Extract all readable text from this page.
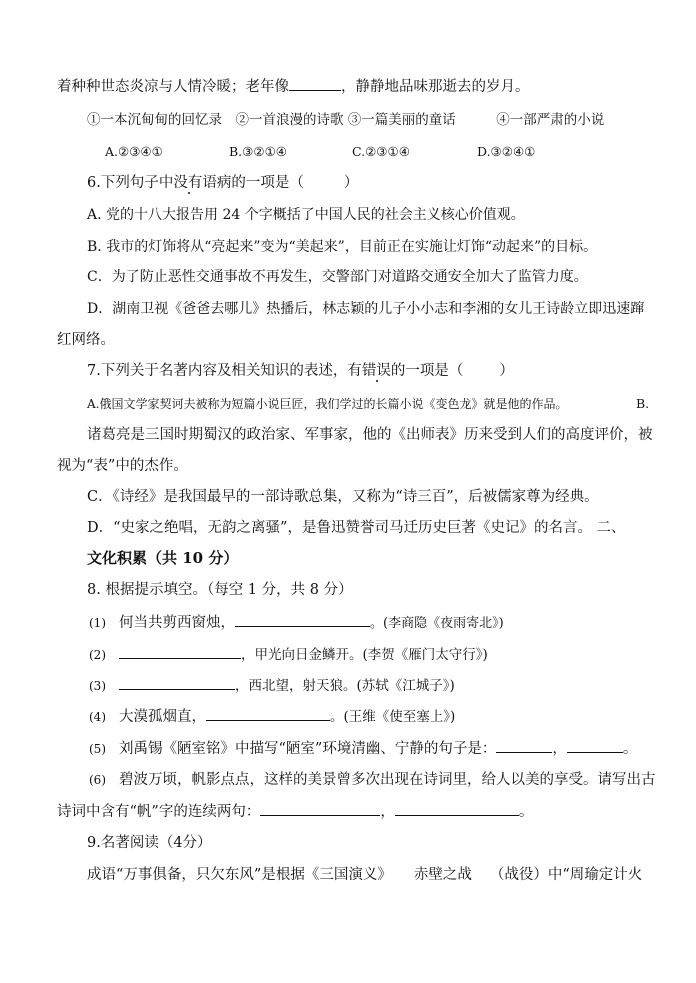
着种种世态炎凉与人情冷暖；老年像	，静静地品味那逝去的岁月。
①一本沉甸甸的回忆录　②一首浪漫的诗歌 ③一篇美丽的童话　　　④一部严肃的小说
A.②③④①	B.③②①④	C.②③①④	D.③②④①
6.下列句子中没有语病的一项是（	）
A. 党的十八大报告用 24 个字概括了中国人民的社会主义核心价值观。
B. 我市的灯饰将从“亮起来”变为“美起来”，目前正在实施让灯饰“动起来”的目标。
C．为了防止恶性交通事故不再发生，交警部门对道路交通安全加大了监管力度。
D．湖南卫视《爸爸去哪儿》热播后，林志颖的儿子小小志和李湘的女儿王诗龄立即迅速蹿
红网络。
7.下列关于名著内容及相关知识的表述，有错误的一项是（ ）
A.俄国文学家契诃夫被称为短篇小说巨匠，我们学过的长篇小说《变色龙》就是他的作品。	B.
诸葛亮是三国时期蜀汉的政治家、军事家，他的《出师表》历来受到人们的高度评价，被
视为“表”中的杰作。
C．《诗经》是我国最早的一部诗歌总集，又称为“诗三百”，后被儒家尊为经典。
D．“史家之绝唱，无韵之离骚”，是鲁迅赞誉司马迁历史巨著《史记》的名言。 二、
文化积累（共 10 分）
8. 根据提示填空。（每空 1 分，共 8 分）
(1) 何当共剪西窗烛，	。(李商隐《夜雨寄北》)
(2)	，甲光向日金鳞开。(李贺《雁门太守行》)
(3)	，西北望，射天狼。(苏轼《江城子》)
(4) 大漠孤烟直，	。(王维《使至塞上》)
(5) 刘禹锡《陋室铭》中描写“陋室”环境清幽、宁静的句子是：	，	。
(6) 碧波万顷，帆影点点，这样的美景曾多次出现在诗词里，给人以美的享受。请写出古
诗词中含有“帆”字的连续两句：	，	。
9.名著阅读（4分）
成语“万事俱备，只欠东风”是根据《三国演义》 赤壁之战 （战役）中“周瑜定计火
